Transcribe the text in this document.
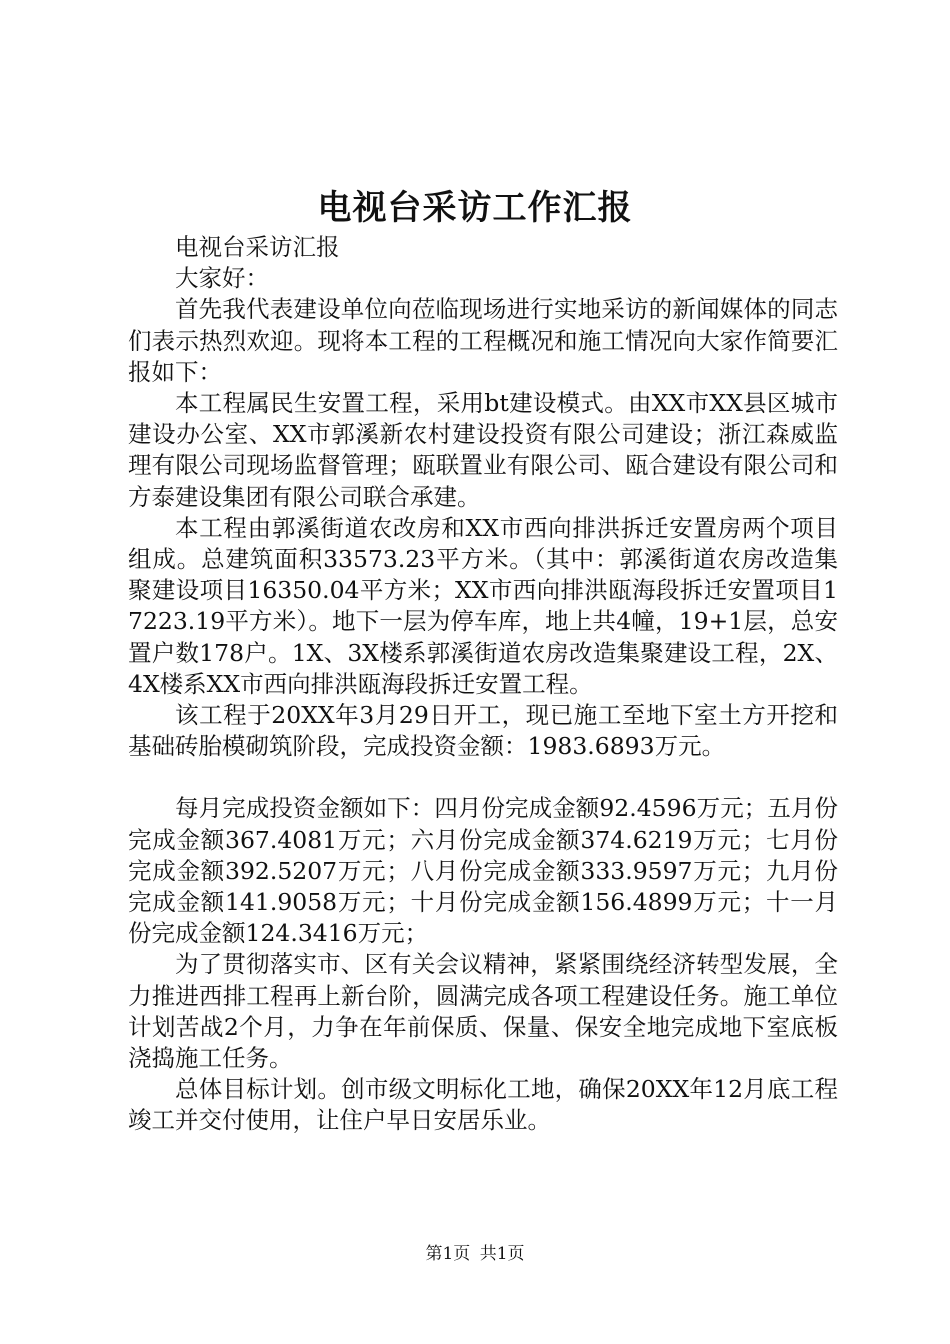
电视台采访工作汇报

电视台采访汇报

大家好：

首先我代表建设单位向莅临现场进行实地采访的新闻媒体的同志们表示热烈欢迎。现将本工程的工程概况和施工情况向大家作简要汇报如下：

本工程属民生安置工程，采用bt建设模式。由XX市XX县区城市建设办公室、XX市郭溪新农村建设投资有限公司建设；浙江森威监理有限公司现场监督管理；瓯联置业有限公司、瓯合建设有限公司和方泰建设集团有限公司联合承建。

本工程由郭溪街道农改房和XX市西向排洪拆迁安置房两个项目组成。总建筑面积33573.23平方米。（其中：郭溪街道农房改造集聚建设项目16350.04平方米；XX市西向排洪瓯海段拆迁安置项目17223.19平方米）。地下一层为停车库，地上共4幢，19+1层，总安置户数178户。1X、3X楼系郭溪街道农房改造集聚建设工程，2X、4X楼系XX市西向排洪瓯海段拆迁安置工程。

该工程于20XX年3月29日开工，现已施工至地下室土方开挖和基础砖胎模砌筑阶段，完成投资金额：1983.6893万元。

每月完成投资金额如下：四月份完成金额92.4596万元；五月份完成金额367.4081万元；六月份完成金额374.6219万元；七月份完成金额392.5207万元；八月份完成金额333.9597万元；九月份完成金额141.9058万元；十月份完成金额156.4899万元；十一月份完成金额124.3416万元；

为了贯彻落实市、区有关会议精神，紧紧围绕经济转型发展，全力推进西排工程再上新台阶，圆满完成各项工程建设任务。施工单位计划苦战2个月，力争在年前保质、保量、保安全地完成地下室底板浇捣施工任务。

总体目标计划。创市级文明标化工地，确保20XX年12月底工程竣工并交付使用，让住户早日安居乐业。

第1页 共1页
